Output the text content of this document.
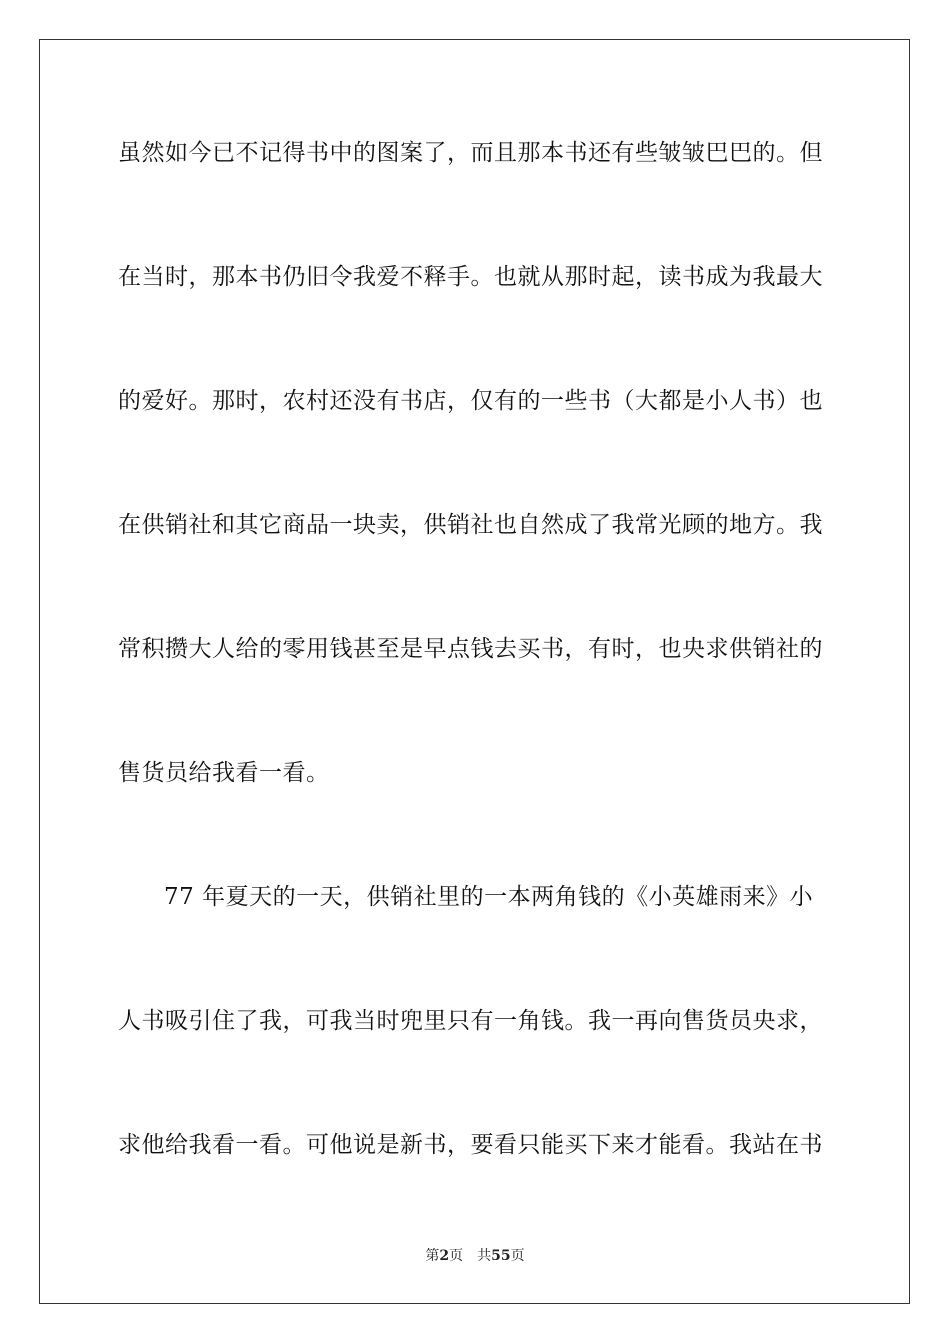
虽然如今已不记得书中的图案了，而且那本书还有些皱皱巴巴的。但
在当时，那本书仍旧令我爱不释手。也就从那时起，读书成为我最大
的爱好。那时，农村还没有书店，仅有的一些书（大都是小人书）也
在供销社和其它商品一块卖，供销社也自然成了我常光顾的地方。我
常积攒大人给的零用钱甚至是早点钱去买书，有时，也央求供销社的
售货员给我看一看。
77 年夏天的一天，供销社里的一本两角钱的《小英雄雨来》小
人书吸引住了我，可我当时兜里只有一角钱。我一再向售货员央求，
求他给我看一看。可他说是新书，要看只能买下来才能看。我站在书
第2页 共55页
